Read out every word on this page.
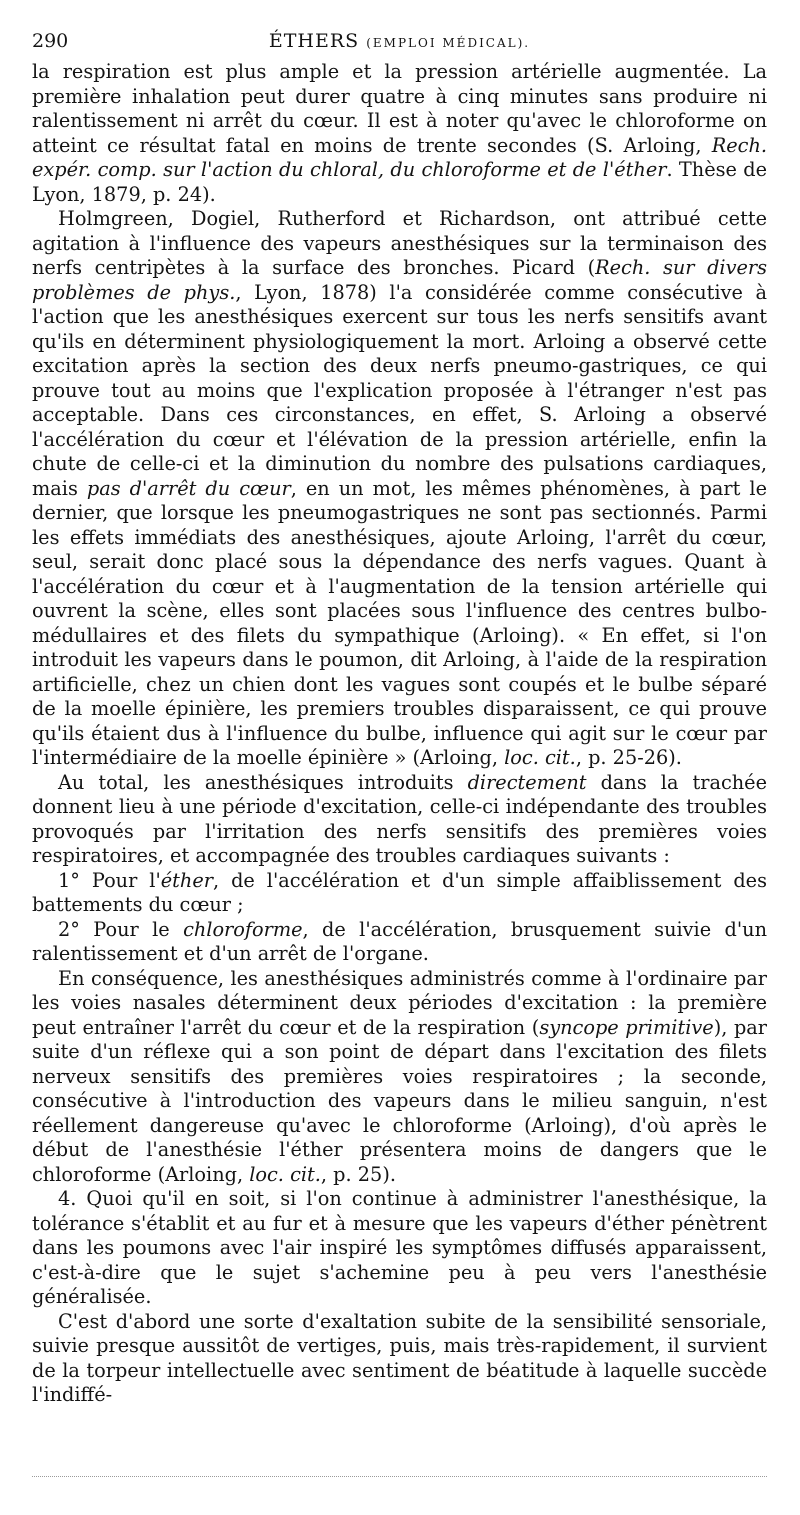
290	ÉTHERS (EMPLOI MÉDICAL).

la respiration est plus ample et la pression artérielle augmentée. La première inhalation peut durer quatre à cinq minutes sans produire ni ralentissement ni arrêt du cœur. Il est à noter qu'avec le chloroforme on atteint ce résultat fatal en moins de trente secondes (S. Arloing, Rech. expér. comp. sur l'action du chloral, du chloroforme et de l'éther. Thèse de Lyon, 1879, p. 24).

Holmgreen, Dogiel, Rutherford et Richardson, ont attribué cette agitation à l'influence des vapeurs anesthésiques sur la terminaison des nerfs centripètes à la surface des bronches. Picard (Rech. sur divers problèmes de phys., Lyon, 1878) l'a considérée comme consécutive à l'action que les anesthésiques exercent sur tous les nerfs sensitifs avant qu'ils en déterminent physiologiquement la mort. Arloing a observé cette excitation après la section des deux nerfs pneumo-gastriques, ce qui prouve tout au moins que l'explication proposée à l'étranger n'est pas acceptable. Dans ces circonstances, en effet, S. Arloing a observé l'accélération du cœur et l'élévation de la pression artérielle, enfin la chute de celle-ci et la diminution du nombre des pulsations cardiaques, mais pas d'arrêt du cœur, en un mot, les mêmes phénomènes, à part le dernier, que lorsque les pneumogastriques ne sont pas sectionnés. Parmi les effets immédiats des anesthésiques, ajoute Arloing, l'arrêt du cœur, seul, serait donc placé sous la dépendance des nerfs vagues. Quant à l'accélération du cœur et à l'augmentation de la tension artérielle qui ouvrent la scène, elles sont placées sous l'influence des centres bulbo-médullaires et des filets du sympathique (Arloing). « En effet, si l'on introduit les vapeurs dans le poumon, dit Arloing, à l'aide de la respiration artificielle, chez un chien dont les vagues sont coupés et le bulbe séparé de la moelle épinière, les premiers troubles disparaissent, ce qui prouve qu'ils étaient dus à l'influence du bulbe, influence qui agit sur le cœur par l'intermédiaire de la moelle épinière » (Arloing, loc. cit., p. 25-26).

Au total, les anesthésiques introduits directement dans la trachée donnent lieu à une période d'excitation, celle-ci indépendante des troubles provoqués par l'irritation des nerfs sensitifs des premières voies respiratoires, et accompagnée des troubles cardiaques suivants :

1° Pour l'éther, de l'accélération et d'un simple affaiblissement des battements du cœur ;

2° Pour le chloroforme, de l'accélération, brusquement suivie d'un ralentissement et d'un arrêt de l'organe.

En conséquence, les anesthésiques administrés comme à l'ordinaire par les voies nasales déterminent deux périodes d'excitation : la première peut entraîner l'arrêt du cœur et de la respiration (syncope primitive), par suite d'un réflexe qui a son point de départ dans l'excitation des filets nerveux sensitifs des premières voies respiratoires ; la seconde, consécutive à l'introduction des vapeurs dans le milieu sanguin, n'est réellement dangereuse qu'avec le chloroforme (Arloing), d'où après le début de l'anesthésie l'éther présentera moins de dangers que le chloroforme (Arloing, loc. cit., p. 25).

4. Quoi qu'il en soit, si l'on continue à administrer l'anesthésique, la tolérance s'établit et au fur et à mesure que les vapeurs d'éther pénètrent dans les poumons avec l'air inspiré les symptômes diffusés apparaissent, c'est-à-dire que le sujet s'achemine peu à peu vers l'anesthésie généralisée.

C'est d'abord une sorte d'exaltation subite de la sensibilité sensoriale, suivie presque aussitôt de vertiges, puis, mais très-rapidement, il survient de la torpeur intellectuelle avec sentiment de béatitude à laquelle succède l'indiffé-
